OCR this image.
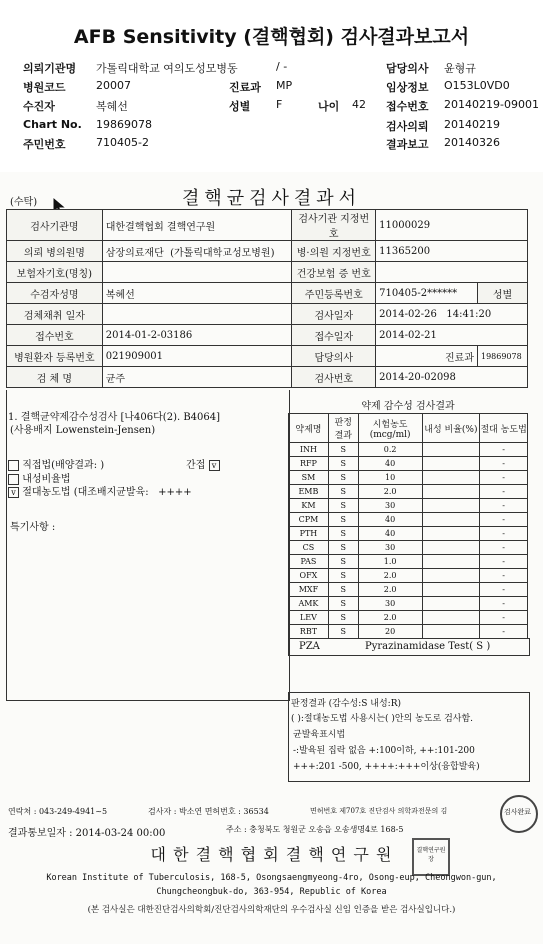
AFB Sensitivity (결핵협회) 검사결과보고서
의뢰기관명 가톨릭대학교 여의도성모병동	/ -
병원코드	20007	진료과 MP
수진자	복혜선	성별 F	나이 42
Chart No. 19869078
주민번호	710405-2
담당의사 윤형규
임상정보 O153L0VD0
접수번호 20140219-09001
검사의뢰 20140219
결과보고 20140326
(수탁)	결핵균검사결과서
검사기관명	대한결핵협회 결핵연구원	검사기관 지정번호	11000029	
의뢰 병의원명	삼장의료재단 (가톨릭대학교성모병원)	병·의원 지정번호	11365200	
보험자기호(명칭)		건강보험 증 번호		
수검자성명	복혜선	주민등록번호	710405-2******	성별
검체채취 일자		검사일자	2014-02-26 14:41:20	
접수번호	2014-01-2-03186	접수일자	2014-02-21	
병원환자 등록번호	021909001	담당의사	진료과	19869078
검 체 명	균주	검사번호	2014-20-02098	
1. 결핵균약제감수성검사 [나406다(2). B4064]
(사용배지 Lowenstein-Jensen)
직접법(배양결과: )	간접 v
내성비율법
v 절대농도법 (대조배지균발육: ++++
특기사항 :
약제 감수성 검사결과
약제명	판정 결과	시험농도 (mcg/ml)	내성 비율(%)	절대 농도법
INH	S	0.2		-
RFP	S	40		-
SM	S	10		-
EMB	S	2.0		-
KM	S	30		-
CPM	S	40		-
PTH	S	40		-
CS	S	30		-
PAS	S	1.0		-
OFX	S	2.0		-
MXF	S	2.0		-
AMK	S	30		-
LEV	S	2.0		-
RBT	S	20		-
PZA	Pyrazinamidase Test( S )
판정결과 (감수성:S 내성:R)
( ):절대농도법 사용시는( )안의 농도로 검사함.
균발육표시법
-:발육된 집락 없음 +:100이하, ++:101-200
+++:201 -500, ++++:+++이상(융합발육)
연락처 : 043-249-4941~5	검사자 : 박소연 면허번호 : 36534	면허번호 제707호 진단검사 의학과전문의 김	검사완료
결과통보일자 : 2014-03-24 00:00	주소 : 충청북도 청원군 오송읍 오송생명4로 168-5
대 한 결 핵 협 회 결 핵 연 구 원	결핵연구원장
Korean Institute of Tuberculosis, 168-5, Osongsaengmyeong-4ro, Osong-eup, Cheongwon-gun,
Chungcheongbuk-do, 363-954, Republic of Korea
(본 검사실은 대한진단검사의학회/진단검사의학재단의 우수검사실 신임 인증을 받은 검사실입니다.)
